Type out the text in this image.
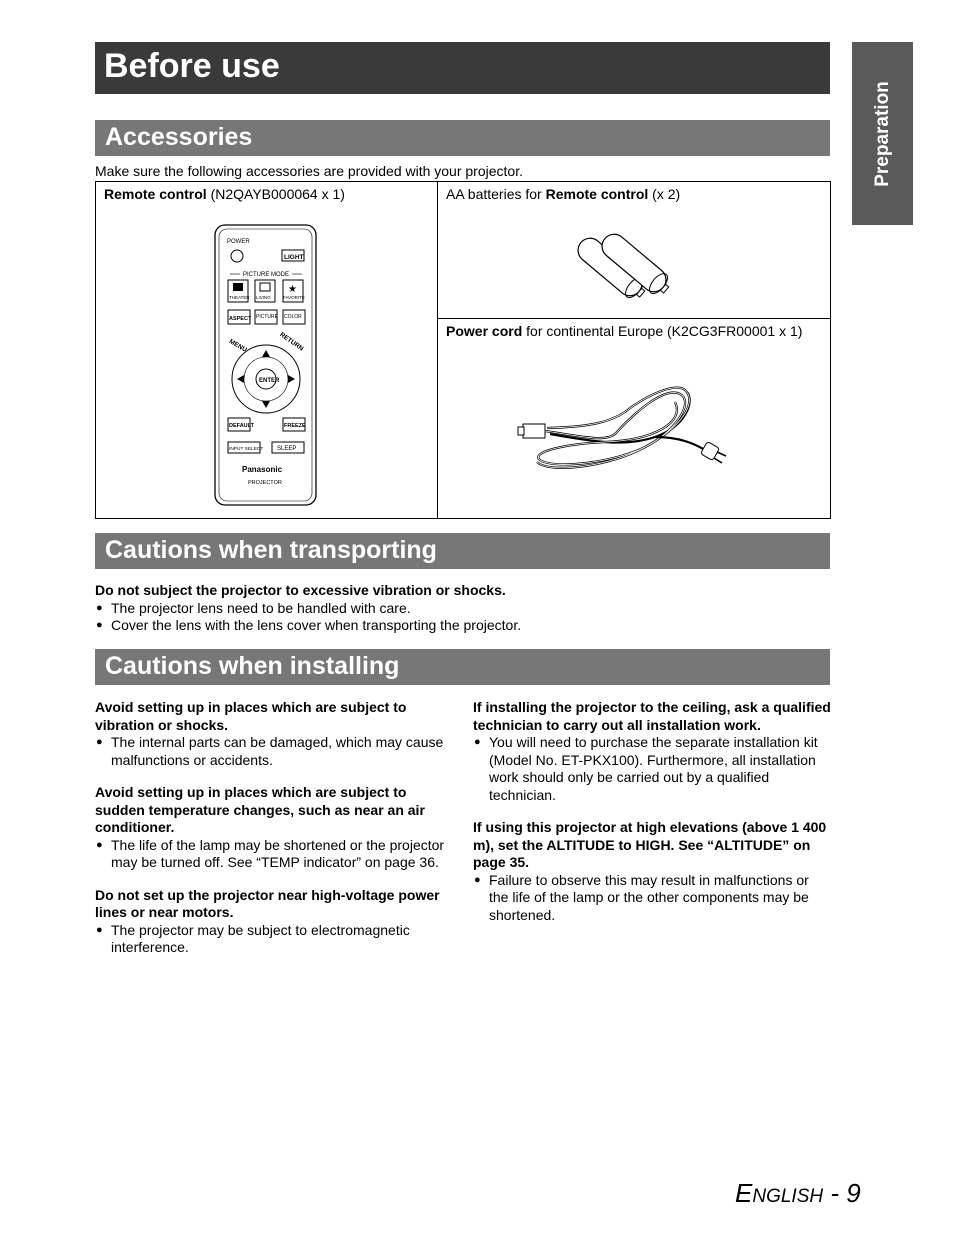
Before use
Preparation
Accessories
Make sure the following accessories are provided with your projector.
Remote control (N2QAYB000064 x 1)	AA batteries for Remote control (x 2)
Power cord for continental Europe (K2CG3FR00001 x 1)
POWER
LIGHT
PICTURE MODE
★
THEATER LIVING	FAVORITE
ASPECT PICTURE COLOR
ENTER
MENU	RETURN
DEFAULT	FREEZE
INPUT SELECT SLEEP
Panasonic
PROJECTOR
Cautions when transporting
Do not subject the projector to excessive vibration or shocks.
● The projector lens need to be handled with care.
● Cover the lens with the lens cover when transporting the projector.
Cautions when installing
Avoid setting up in places which are subject to vibration or shocks.
● The internal parts can be damaged, which may cause malfunctions or accidents.
Avoid setting up in places which are subject to sudden temperature changes, such as near an air conditioner.
● The life of the lamp may be shortened or the projector may be turned off. See “TEMP indicator” on page 36.
Do not set up the projector near high-voltage power lines or near motors.
● The projector may be subject to electromagnetic interference.
If installing the projector to the ceiling, ask a qualified technician to carry out all installation work.
● You will need to purchase the separate installation kit (Model No. ET-PKX100). Furthermore, all installation work should only be carried out by a qualified technician.
If using this projector at high elevations (above 1 400 m), set the ALTITUDE to HIGH. See “ALTITUDE” on page 35.
● Failure to observe this may result in malfunctions or the life of the lamp or the other components may be shortened.
ENGLISH - 9
